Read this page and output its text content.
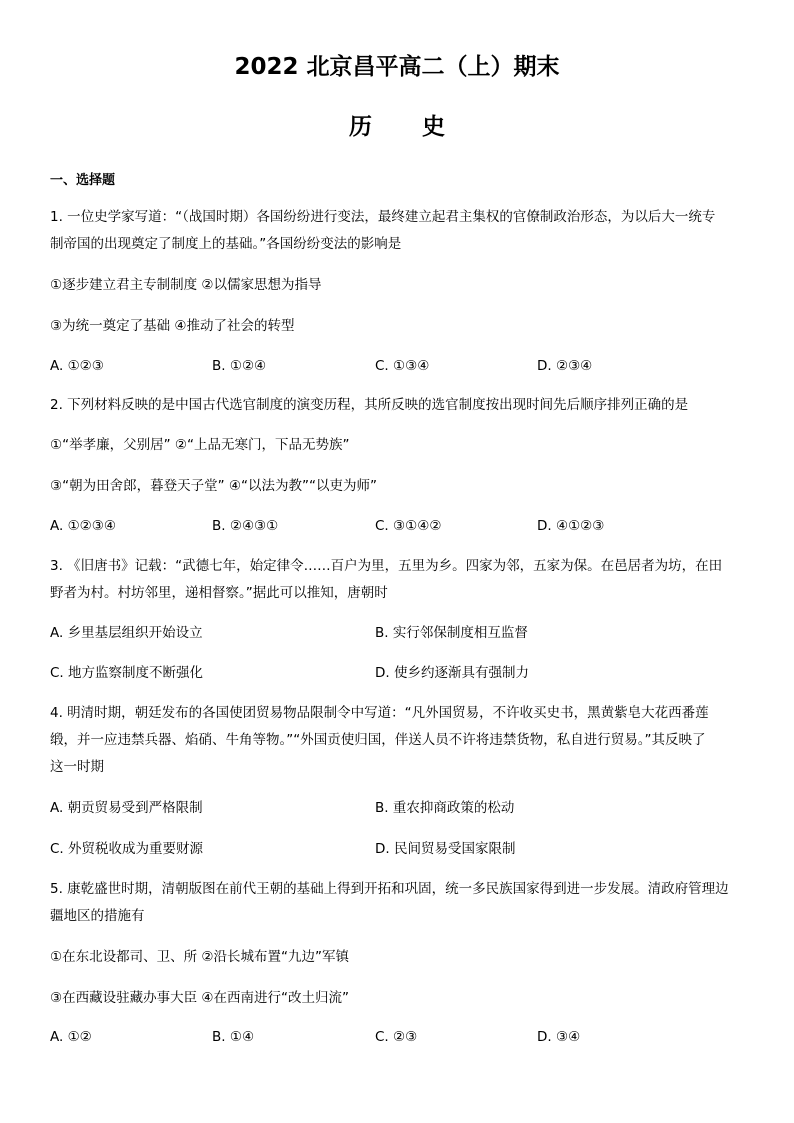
2022 北京昌平高二（上）期末
历 史
一、选择题
1. 一位史学家写道：“（战国时期）各国纷纷进行变法，最终建立起君主集权的官僚制政治形态，为以后大一统专
制帝国的出现奠定了制度上的基础。”各国纷纷变法的影响是
①逐步建立君主专制制度 ②以儒家思想为指导
③为统一奠定了基础 ④推动了社会的转型
A. ①②③	B. ①②④	C. ①③④	D. ②③④
2. 下列材料反映的是中国古代选官制度的演变历程，其所反映的选官制度按出现时间先后顺序排列正确的是
①“举孝廉，父别居” ②“上品无寒门，下品无势族”
③“朝为田舍郎，暮登天子堂” ④“以法为教”“以吏为师”
A. ①②③④	B. ②④③①	C. ③①④②	D. ④①②③
3. 《旧唐书》记载：“武德七年，始定律令……百户为里，五里为乡。四家为邻，五家为保。在邑居者为坊，在田
野者为村。村坊邻里，递相督察。”据此可以推知，唐朝时
A. 乡里基层组织开始设立	B. 实行邻保制度相互监督
C. 地方监察制度不断强化	D. 使乡约逐渐具有强制力
4. 明清时期，朝廷发布的各国使团贸易物品限制令中写道：“凡外国贸易，不许收买史书，黑黄紫皂大花西番莲
缎，并一应违禁兵器、焰硝、牛角等物。”“外国贡使归国，伴送人员不许将违禁货物，私自进行贸易。”其反映了
这一时期
A. 朝贡贸易受到严格限制	B. 重农抑商政策的松动
C. 外贸税收成为重要财源	D. 民间贸易受国家限制
5. 康乾盛世时期，清朝版图在前代王朝的基础上得到开拓和巩固，统一多民族国家得到进一步发展。清政府管理边
疆地区的措施有
①在东北设都司、卫、所 ②沿长城布置“九边”军镇
③在西藏设驻藏办事大臣 ④在西南进行“改土归流”
A. ①②	B. ①④	C. ②③	D. ③④
